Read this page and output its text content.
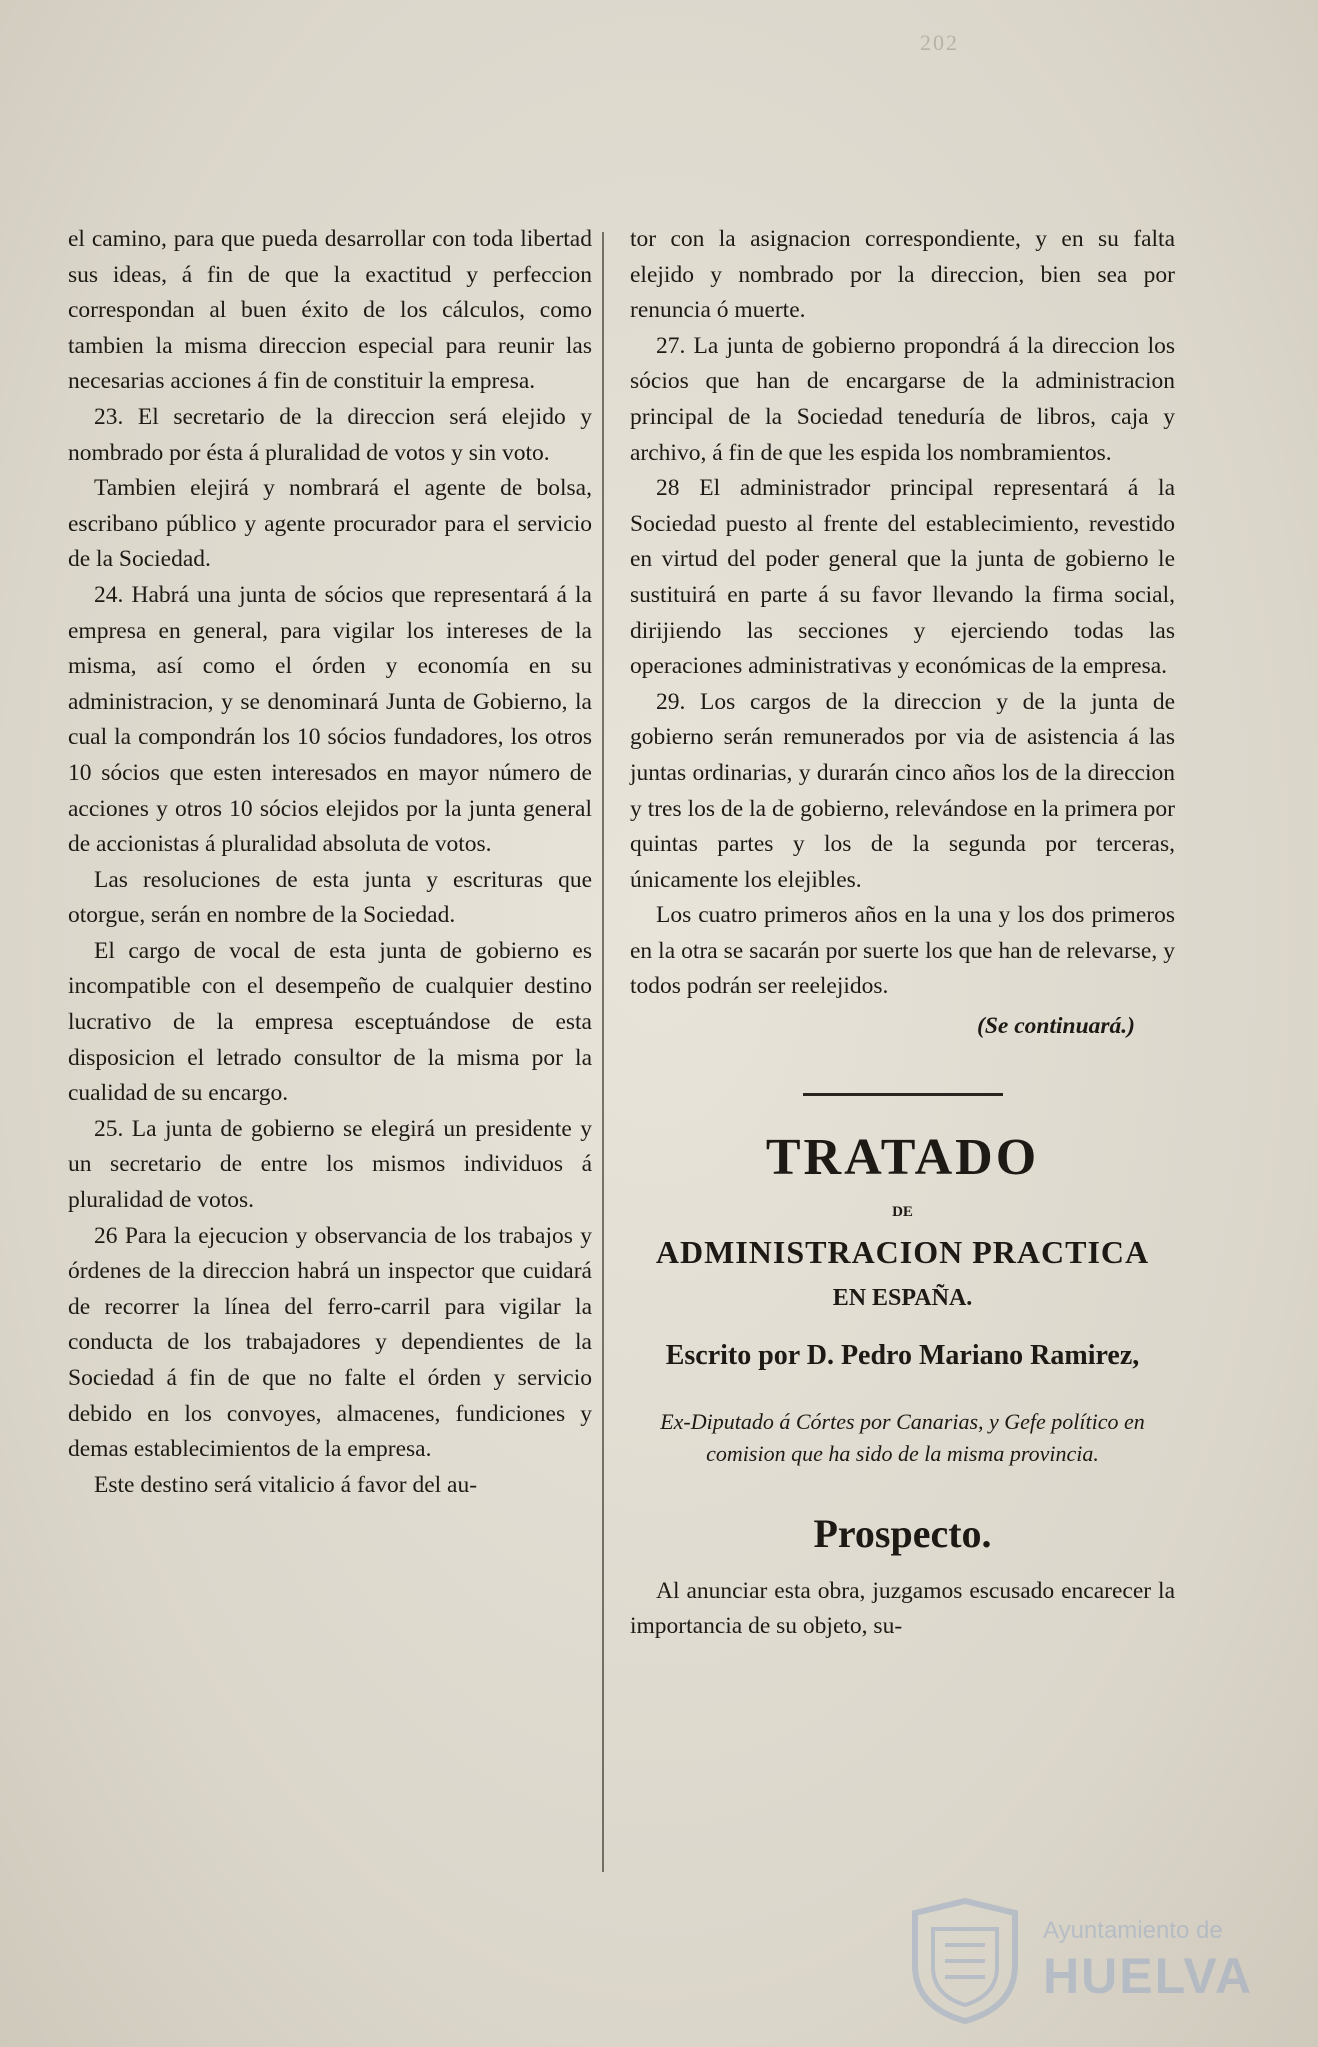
202

el camino, para que pueda desarrollar con toda libertad sus ideas, á fin de que la exactitud y perfeccion correspondan al buen éxito de los cálculos, como tambien la misma direccion especial para reunir las necesarias acciones á fin de constituir la empresa.

23. El secretario de la direccion será elejido y nombrado por ésta á pluralidad de votos y sin voto.

Tambien elejirá y nombrará el agente de bolsa, escribano público y agente procurador para el servicio de la Sociedad.

24. Habrá una junta de sócios que representará á la empresa en general, para vigilar los intereses de la misma, así como el órden y economía en su administracion, y se denominará Junta de Gobierno, la cual la compondrán los 10 sócios fundadores, los otros 10 sócios que esten interesados en mayor número de acciones y otros 10 sócios elejidos por la junta general de accionistas á pluralidad absoluta de votos.

Las resoluciones de esta junta y escrituras que otorgue, serán en nombre de la Sociedad.

El cargo de vocal de esta junta de gobierno es incompatible con el desempeño de cualquier destino lucrativo de la empresa esceptuándose de esta disposicion el letrado consultor de la misma por la cualidad de su encargo.

25. La junta de gobierno se elegirá un presidente y un secretario de entre los mismos individuos á pluralidad de votos.

26 Para la ejecucion y observancia de los trabajos y órdenes de la direccion habrá un inspector que cuidará de recorrer la línea del ferro-carril para vigilar la conducta de los trabajadores y dependientes de la Sociedad á fin de que no falte el órden y servicio debido en los convoyes, almacenes, fundiciones y demas establecimientos de la empresa.

Este destino será vitalicio á favor del au-

tor con la asignacion correspondiente, y en su falta elejido y nombrado por la direccion, bien sea por renuncia ó muerte.

27. La junta de gobierno propondrá á la direccion los sócios que han de encargarse de la administracion principal de la Sociedad teneduría de libros, caja y archivo, á fin de que les espida los nombramientos.

28 El administrador principal representará á la Sociedad puesto al frente del establecimiento, revestido en virtud del poder general que la junta de gobierno le sustituirá en parte á su favor llevando la firma social, dirijiendo las secciones y ejerciendo todas las operaciones administrativas y económicas de la empresa.

29. Los cargos de la direccion y de la junta de gobierno serán remunerados por via de asistencia á las juntas ordinarias, y durarán cinco años los de la direccion y tres los de la de gobierno, relevándose en la primera por quintas partes y los de la segunda por terceras, únicamente los elejibles.

Los cuatro primeros años en la una y los dos primeros en la otra se sacarán por suerte los que han de relevarse, y todos podrán ser reelejidos.

(Se continuará.)
TRATADO
DE
ADMINISTRACION PRACTICA
EN ESPAÑA.
Escrito por D. Pedro Mariano Ramirez,
Ex-Diputado á Córtes por Canarias, y Gefe político en comision que ha sido de la misma provincia.
Prospecto.

Al anunciar esta obra, juzgamos escusado encarecer la importancia de su objeto, su-

Ayuntamiento de
HUELVA
